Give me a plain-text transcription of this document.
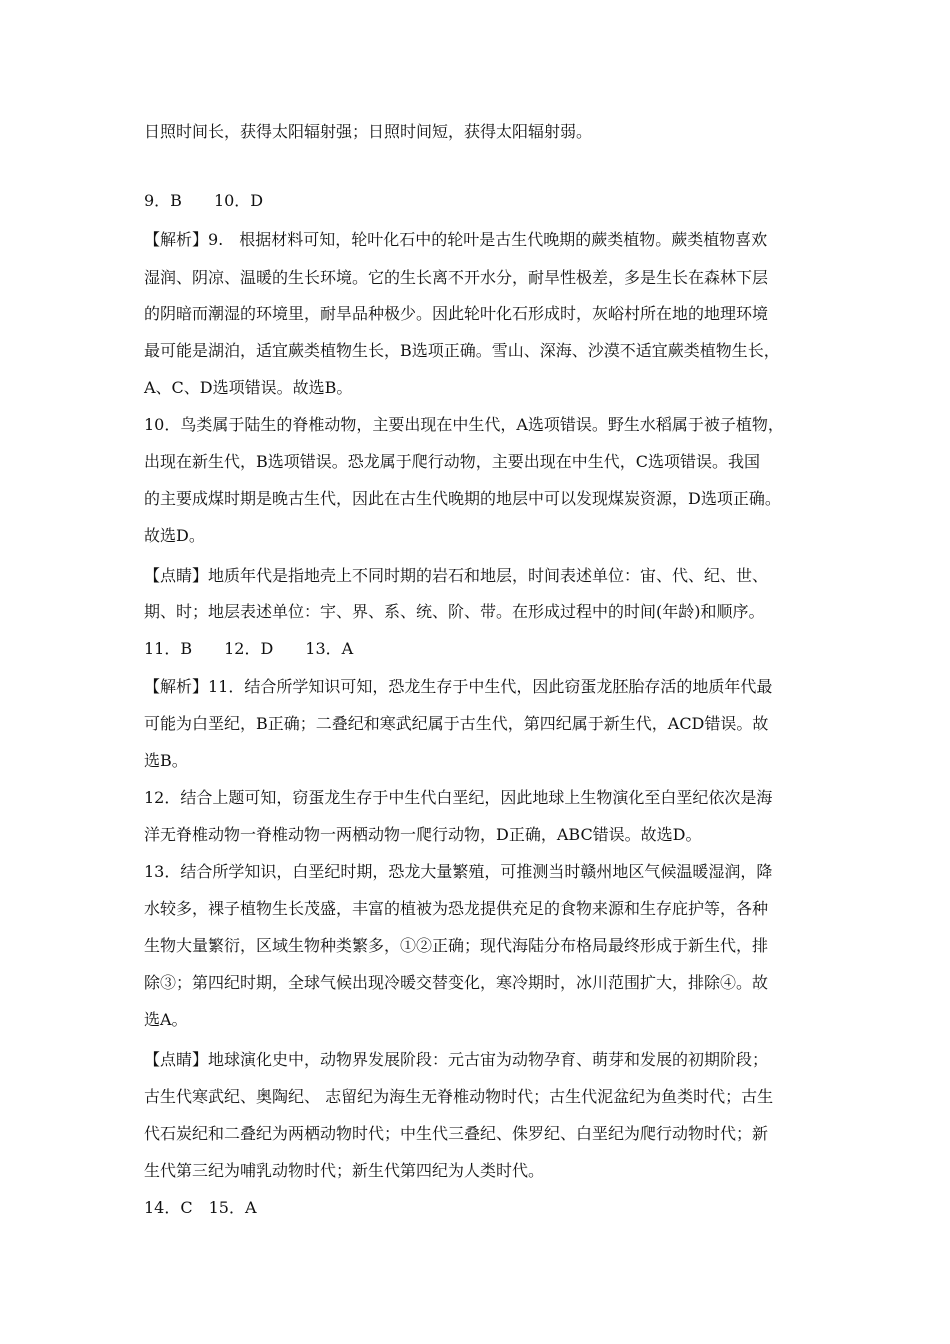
日照时间长，获得太阳辐射强；日照时间短，获得太阳辐射弱。
9．B　　10．D
【解析】9.　根据材料可知，轮叶化石中的轮叶是古生代晚期的蕨类植物。蕨类植物喜欢
湿润、阴凉、温暖的生长环境。它的生长离不开水分，耐旱性极差，多是生长在森林下层
的阴暗而潮湿的环境里，耐旱品种极少。因此轮叶化石形成时，灰峪村所在地的地理环境
最可能是湖泊，适宜蕨类植物生长，B选项正确。雪山、深海、沙漠不适宜蕨类植物生长，
A、C、D选项错误。故选B。
10．鸟类属于陆生的脊椎动物，主要出现在中生代，A选项错误。野生水稻属于被子植物，
出现在新生代，B选项错误。恐龙属于爬行动物，主要出现在中生代，C选项错误。我国
的主要成煤时期是晚古生代，因此在古生代晚期的地层中可以发现煤炭资源，D选项正确。
故选D。
【点睛】地质年代是指地壳上不同时期的岩石和地层，时间表述单位：宙、代、纪、世、
期、时；地层表述单位：宇、界、系、统、阶、带。在形成过程中的时间(年龄)和顺序。
11．B　　12．D　　13．A
【解析】11．结合所学知识可知，恐龙生存于中生代，因此窃蛋龙胚胎存活的地质年代最
可能为白垩纪，B正确；二叠纪和寒武纪属于古生代，第四纪属于新生代，ACD错误。故
选B。
12．结合上题可知，窃蛋龙生存于中生代白垩纪，因此地球上生物演化至白垩纪依次是海
洋无脊椎动物一脊椎动物一两栖动物一爬行动物，D正确，ABC错误。故选D。
13．结合所学知识，白垩纪时期，恐龙大量繁殖，可推测当时赣州地区气候温暖湿润，降
水较多，裸子植物生长茂盛，丰富的植被为恐龙提供充足的食物来源和生存庇护等，各种
生物大量繁衍，区域生物种类繁多，①②正确；现代海陆分布格局最终形成于新生代，排
除③；第四纪时期，全球气候出现冷暖交替变化，寒冷期时，冰川范围扩大，排除④。故
选A。
【点睛】地球演化史中，动物界发展阶段：元古宙为动物孕育、萌芽和发展的初期阶段；
古生代寒武纪、奥陶纪、 志留纪为海生无脊椎动物时代；古生代泥盆纪为鱼类时代；古生
代石炭纪和二叠纪为两栖动物时代；中生代三叠纪、侏罗纪、白垩纪为爬行动物时代；新
生代第三纪为哺乳动物时代；新生代第四纪为人类时代。
14．C　15．A
